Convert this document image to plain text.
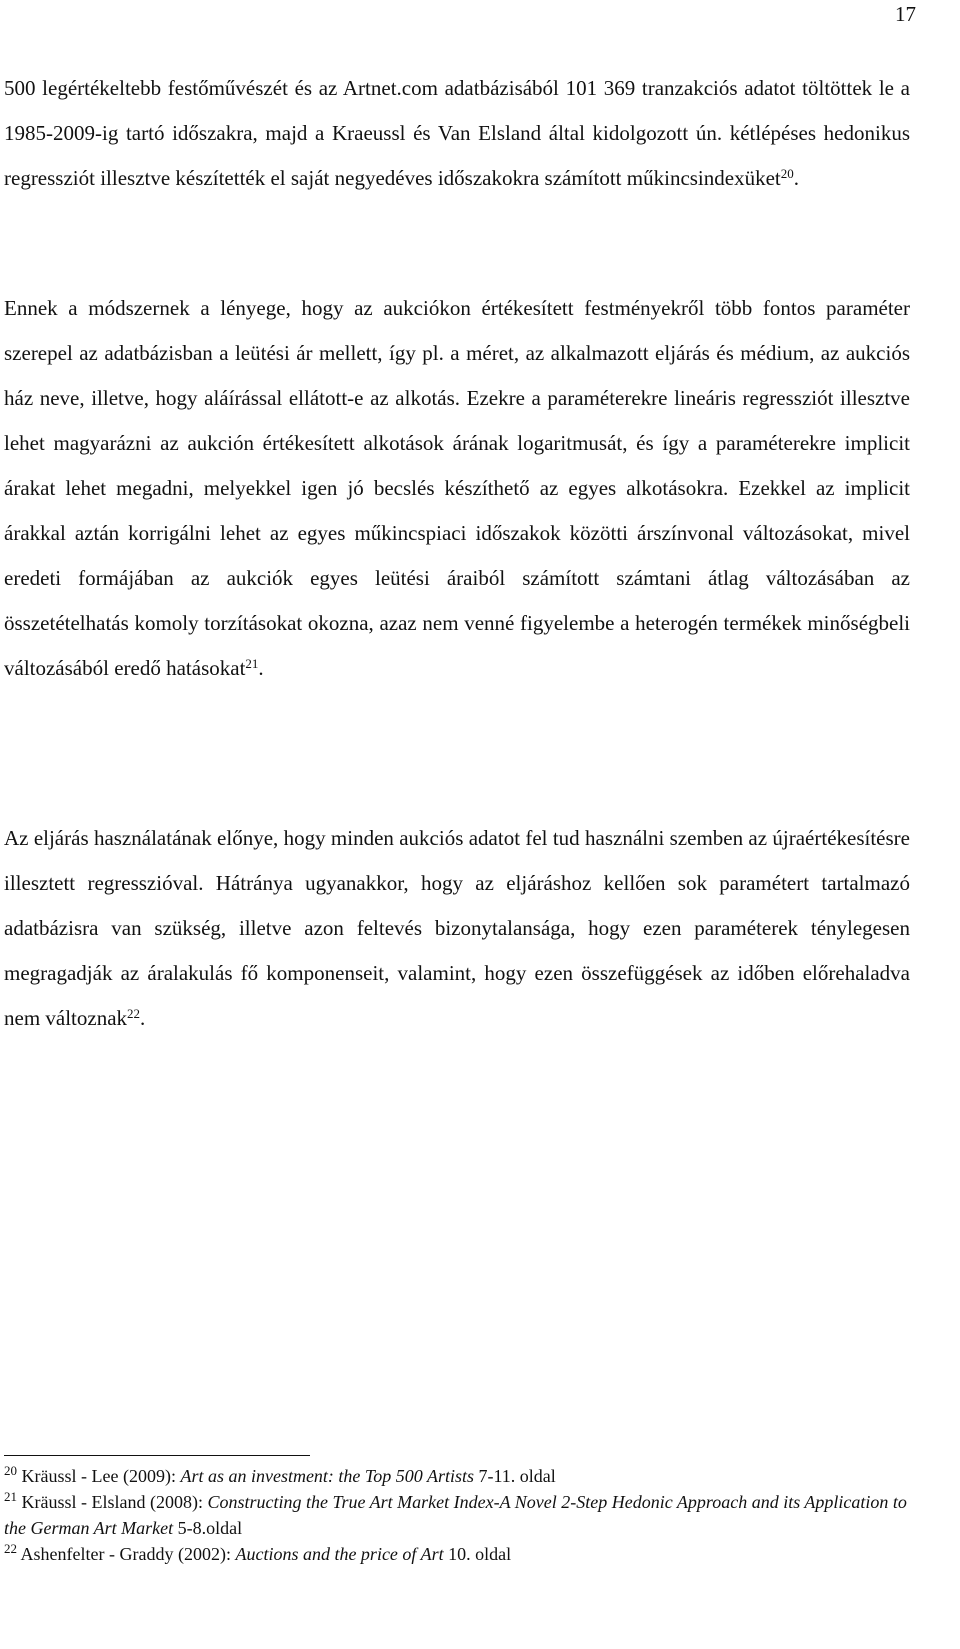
17

500 legértékeltebb festőművészét és az Artnet.com adatbázisából 101 369 tranzakciós adatot töltöttek le a 1985-2009-ig tartó időszakra, majd a Kraeussl és Van Elsland által kidolgozott ún. kétlépéses hedonikus regressziót illesztve készítették el saját negyedéves időszakokra számított műkincsindexüket$^{20}$.

Ennek a módszernek a lényege, hogy az aukciókon értékesített festményekről több fontos paraméter szerepel az adatbázisban a leütési ár mellett, így pl. a méret, az alkalmazott eljárás és médium, az aukciós ház neve, illetve, hogy aláírással ellátott-e az alkotás. Ezekre a paraméterekre lineáris regressziót illesztve lehet magyarázni az aukción értékesített alkotások árának logaritmusát, és így a paraméterekre implicit árakat lehet megadni, melyekkel igen jó becslés készíthető az egyes alkotásokra. Ezekkel az implicit árakkal aztán korrigálni lehet az egyes műkincspiaci időszakok közötti árszínvonal változásokat, mivel eredeti formájában az aukciók egyes leütési áraiból számított számtani átlag változásában az összetételhatás komoly torzításokat okozna, azaz nem venné figyelembe a heterogén termékek minőségbeli változásából eredő hatásokat$^{21}$.

Az eljárás használatának előnye, hogy minden aukciós adatot fel tud használni szemben az újraértékesítésre illesztett regresszióval. Hátránya ugyanakkor, hogy az eljáráshoz kellően sok paramétert tartalmazó adatbázisra van szükség, illetve azon feltevés bizonytalansága, hogy ezen paraméterek ténylegesen megragadják az áralakulás fő komponenseit, valamint, hogy ezen összefüggések az időben előrehaladva nem változnak$^{22}$.

$^{20}$ Kräussl - Lee (2009): Art as an investment: the Top 500 Artists 7-11. oldal
$^{21}$ Kräussl - Elsland (2008): Constructing the True Art Market Index-A Novel 2-Step Hedonic Approach and its Application to the German Art Market 5-8.oldal
$^{22}$ Ashenfelter - Graddy (2002): Auctions and the price of Art 10. oldal
